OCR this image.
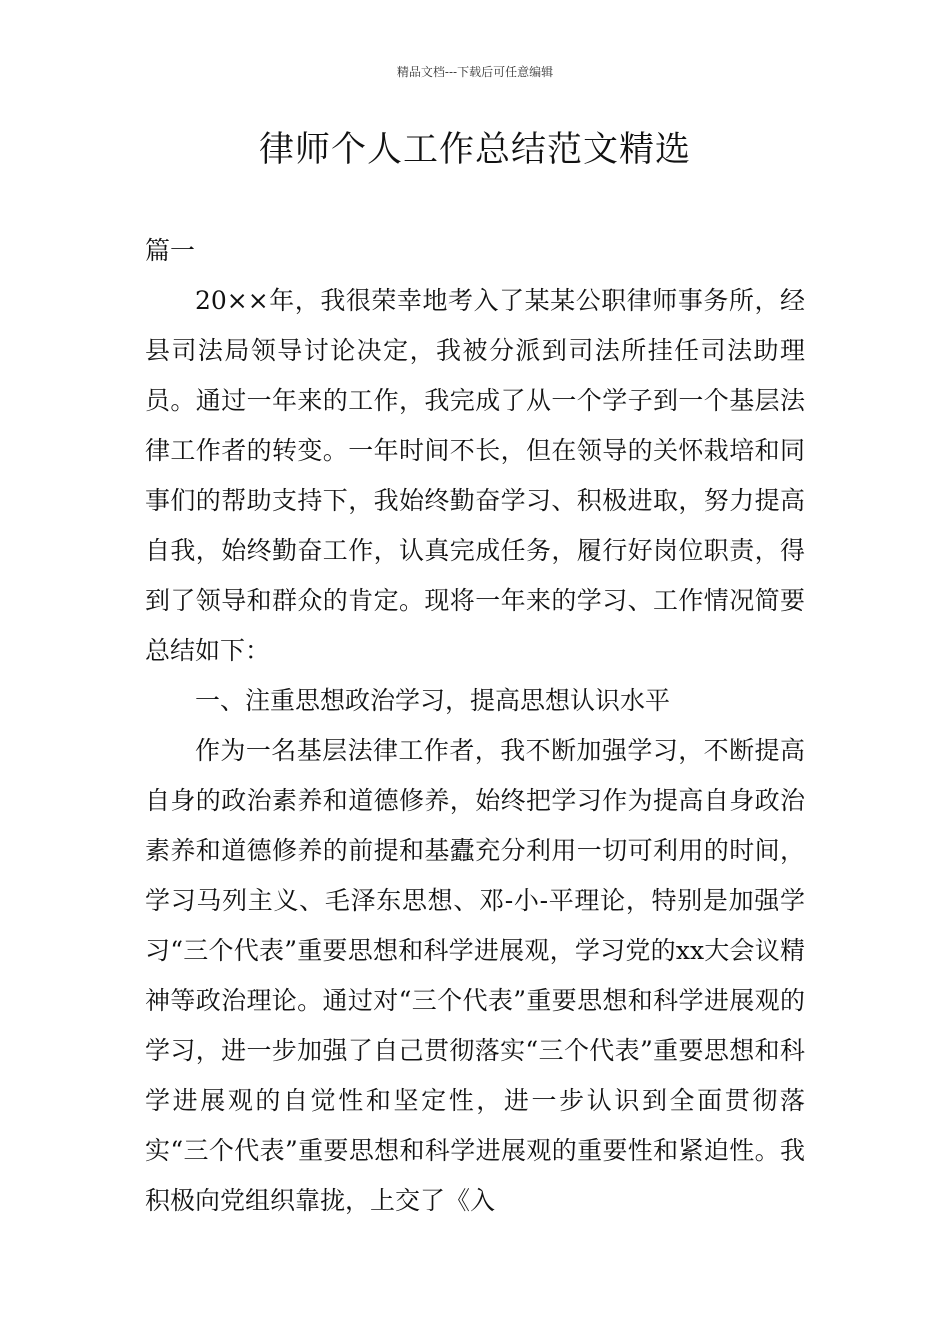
精品文档---下载后可任意编辑
律师个人工作总结范文精选

篇一

20××年，我很荣幸地考入了某某公职律师事务所，经县司法局领导讨论决定，我被分派到司法所挂任司法助理员。通过一年来的工作，我完成了从一个学子到一个基层法律工作者的转变。一年时间不长，但在领导的关怀栽培和同事们的帮助支持下，我始终勤奋学习、积极进取，努力提高自我，始终勤奋工作，认真完成任务，履行好岗位职责，得到了领导和群众的肯定。现将一年来的学习、工作情况简要总结如下：

一、注重思想政治学习，提高思想认识水平

作为一名基层法律工作者，我不断加强学习，不断提高自身的政治素养和道德修养，始终把学习作为提高自身政治素养和道德修养的前提和基蠹充分利用一切可利用的时间，学习马列主义、毛泽东思想、邓-小-平理论，特别是加强学习“三个代表”重要思想和科学进展观，学习党的xx大会议精神等政治理论。通过对“三个代表”重要思想和科学进展观的学习，进一步加强了自己贯彻落实“三个代表”重要思想和科学进展观的自觉性和坚定性，进一步认识到全面贯彻落实“三个代表”重要思想和科学进展观的重要性和紧迫性。我积极向党组织靠拢，上交了《入
